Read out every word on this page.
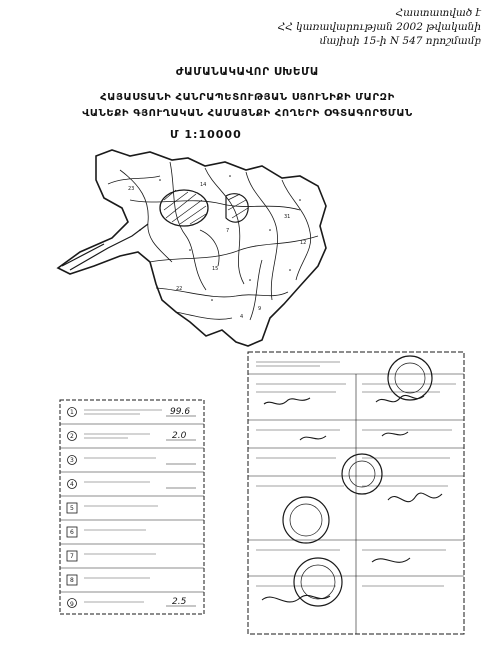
Հաստատված է
ՀՀ կառավարության 2002 թվականի
մայիսի 15-ի N 547 որոշմամբ
ԺԱՄԱՆԱԿԱՎՈՐ ՍԽԵՄԱ
ՀԱՅԱՍՏԱՆԻ ՀԱՆՐԱՊԵՏՈՒԹՅԱՆ ՍՅՈՒՆԻՔԻ ՄԱՐԶԻ
ՎԱՆԵՔԻ ԳՅՈՒՂԱԿԱՆ ՀԱՄԱՅՆՔԻ ՀՈՂԵՐԻ ՕԳՏԱԳՈՐԾՄԱՆ
Մ 1:10000
23
14
7
31
15
22
9
12
4
1
2
3
4
5
6
7
8
9
99.6
2.0
2.5
